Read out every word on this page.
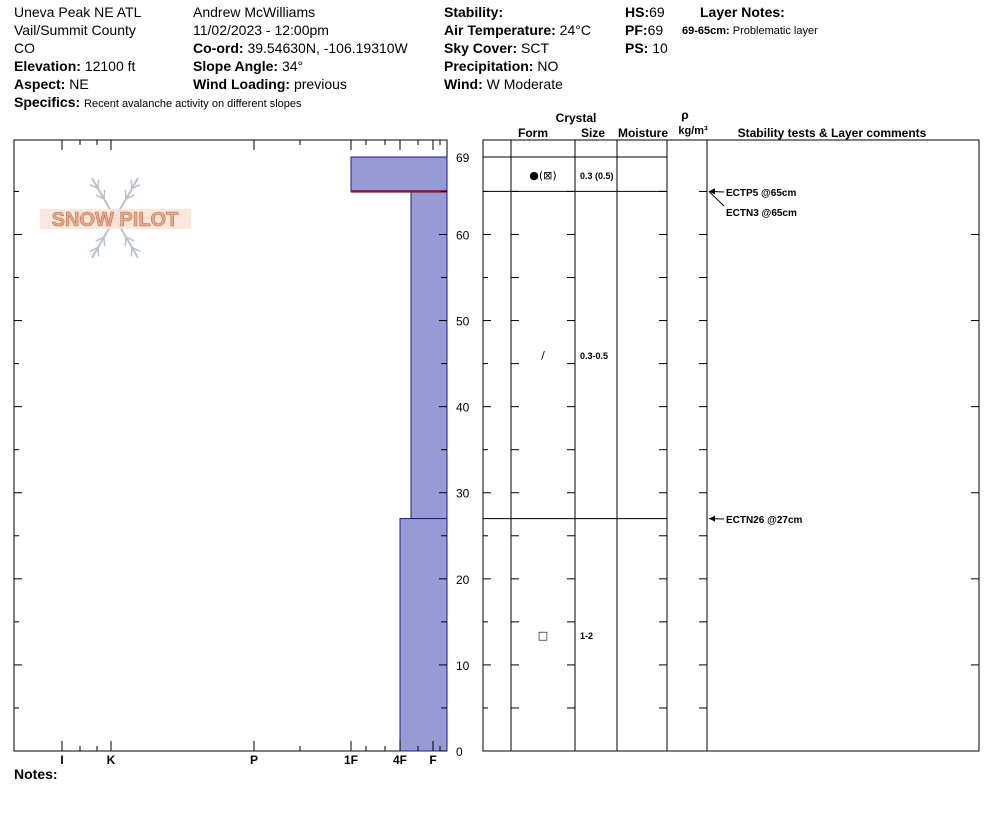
Uneva Peak NE ATL
Vail/Summit County
CO
Elevation: 12100 ft
Aspect: NE
Specifics: Recent avalanche activity on different slopes
Andrew McWilliams
11/02/2023 - 12:00pm
Co-ord: 39.54630N, -106.19310W
Slope Angle: 34°
Wind Loading: previous
Stability:
Air Temperature: 24°C
Sky Cover: SCT
Precipitation: NO
Wind: W Moderate
HS:69
PF:69
PS: 10
Layer Notes:
69-65cm: Problematic layer
SNOW PILOT
0
10
20
30
40
50
60
69
I	K	P	1F	4F F
Crystal
Form	Size Moisture
ρ
kg/m³ Stability tests & Layer comments
●(⊠)	0.3 (0.5)
/	0.3-0.5
□	1-2
ECTP5 @65cm
ECTN3 @65cm
ECTN26 @27cm
Notes:
